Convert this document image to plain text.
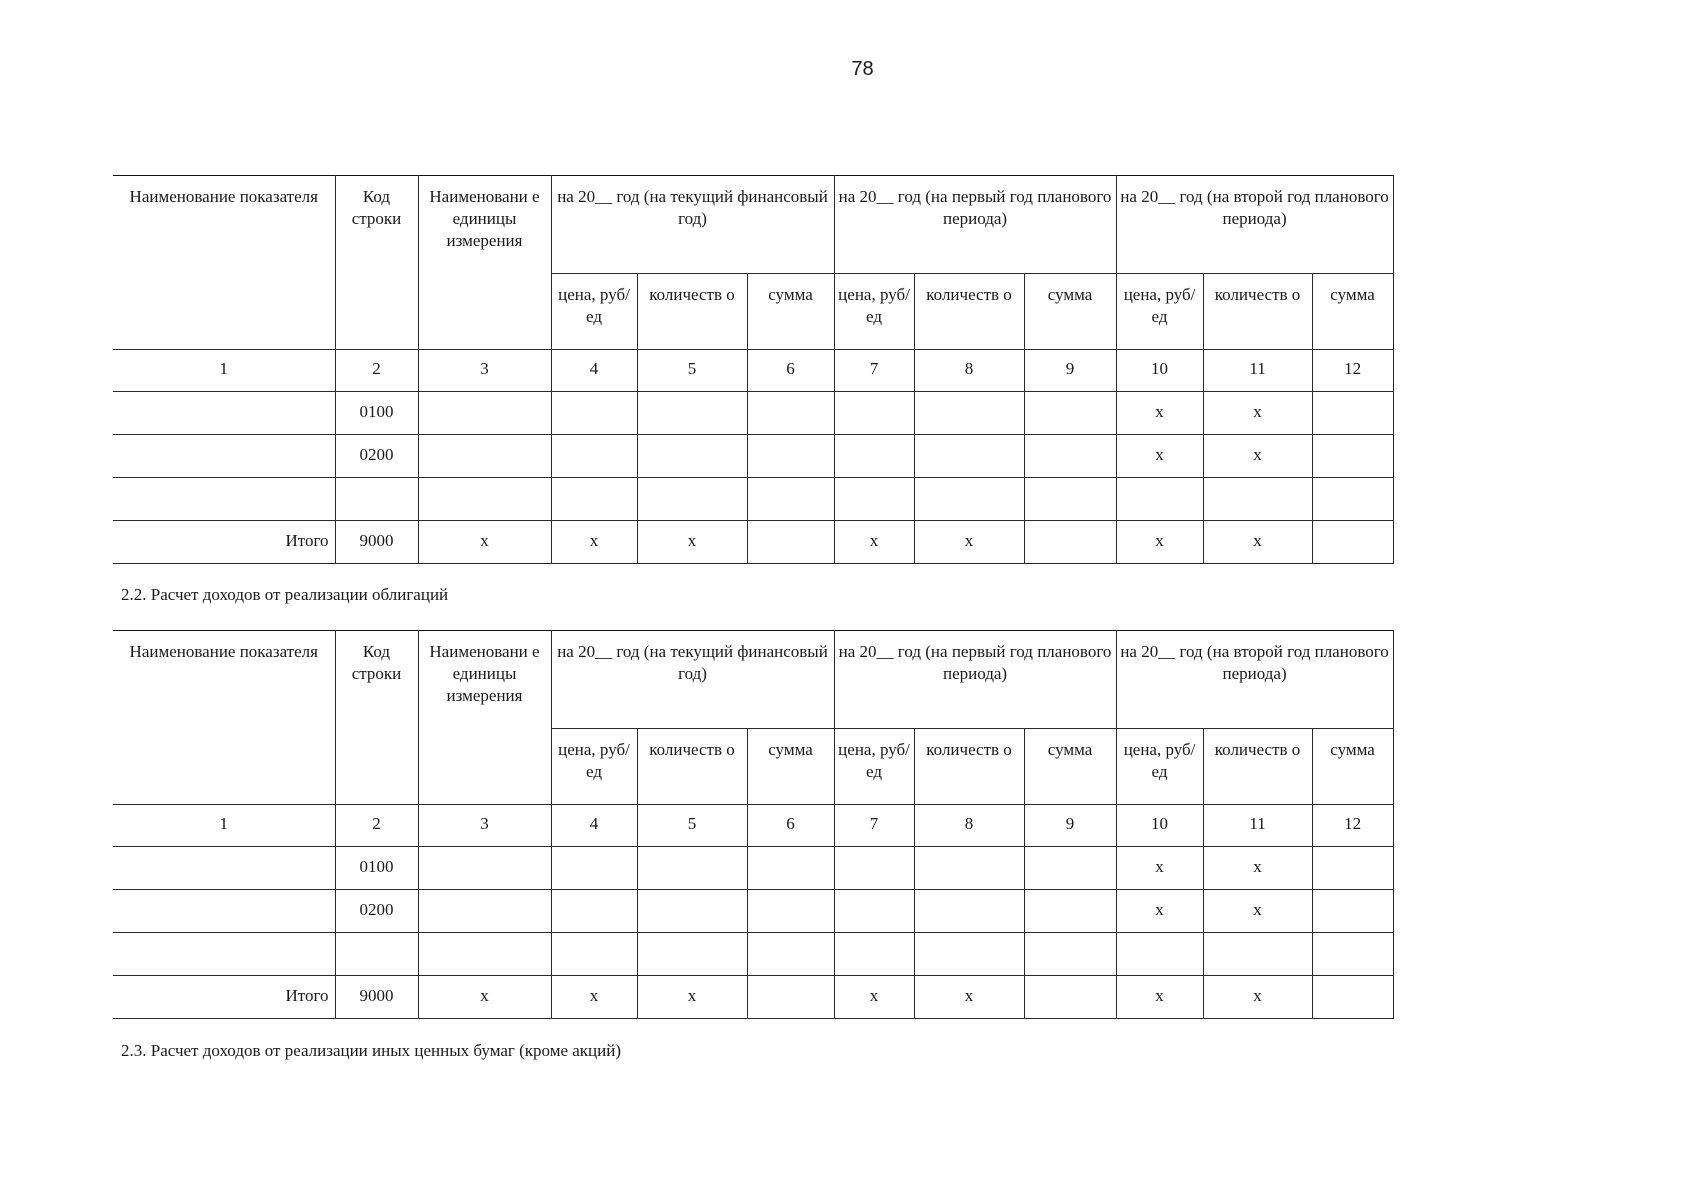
78
Наименование показателя	Код строки	Наименовани е единицы измерения	на 20__ год (на текущий финансовый год)			на 20__ год (на первый год планового периода)			на 20__ год (на второй год планового периода)		
			цена, руб/ед	количеств о	сумма	цена, руб/ед	количеств о	сумма	цена, руб/ед	количеств о	сумма
1	2	3	4	5	6	7	8	9	10	11	12
	0100								x	x	
	0200								x	x	

Итого	9000	x	x	x		x	x		x	x	
2.2. Расчет доходов от реализации облигаций
Наименование показателя	Код строки	Наименовани е единицы измерения	на 20__ год (на текущий финансовый год)			на 20__ год (на первый год планового периода)			на 20__ год (на второй год планового периода)		
			цена, руб/ед	количеств о	сумма	цена, руб/ед	количеств о	сумма	цена, руб/ед	количеств о	сумма
1	2	3	4	5	6	7	8	9	10	11	12
	0100								x	x	
	0200								x	x	

Итого	9000	x	x	x		x	x		x	x	
2.3. Расчет доходов от реализации иных ценных бумаг (кроме акций)
